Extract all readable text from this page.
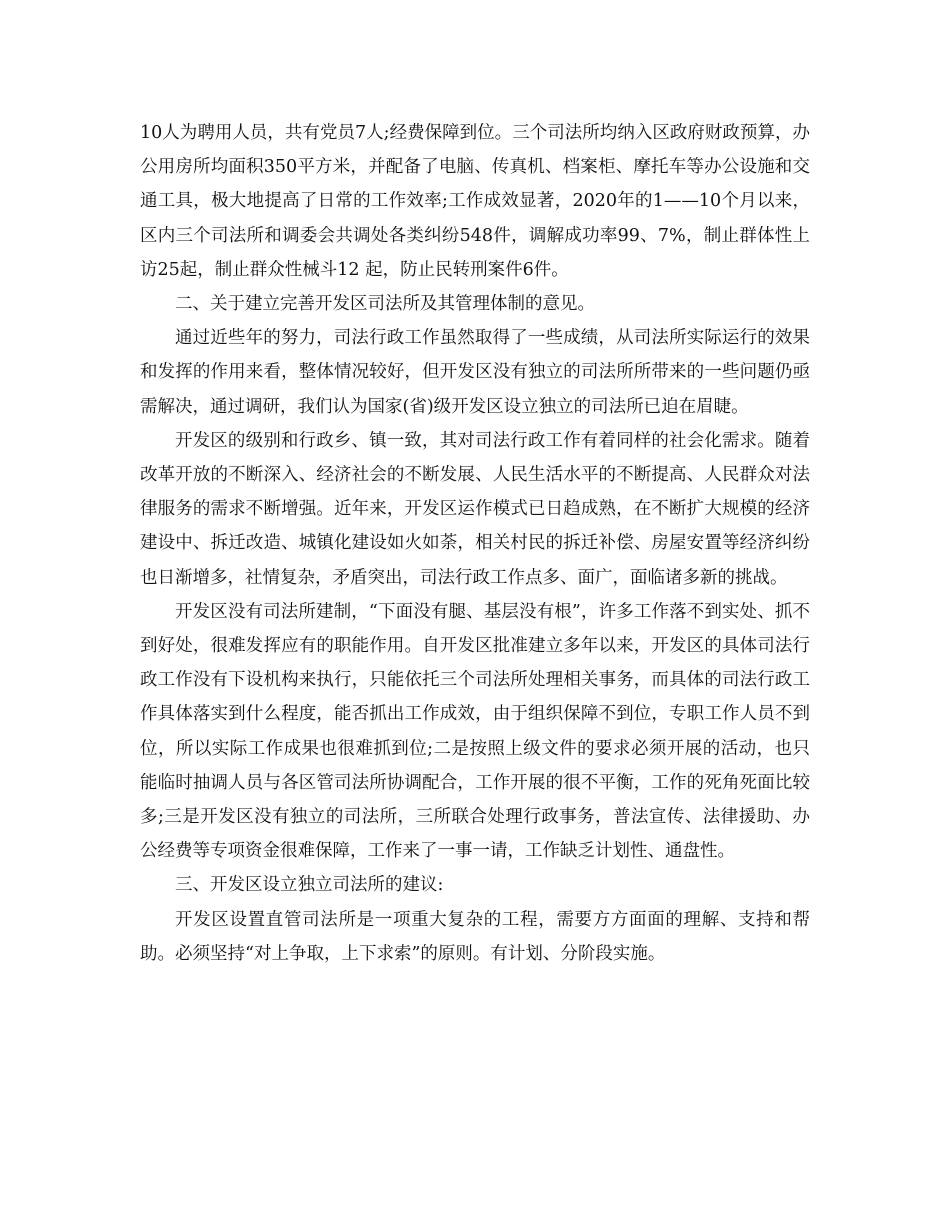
10人为聘用人员，共有党员7人;经费保障到位。三个司法所均纳入区政府财政预算，办公用房所均面积350平方米，并配备了电脑、传真机、档案柜、摩托车等办公设施和交通工具，极大地提高了日常的工作效率;工作成效显著，2020年的1——10个月以来，区内三个司法所和调委会共调处各类纠纷548件，调解成功率99、7%，制止群体性上访25起，制止群众性械斗12 起，防止民转刑案件6件。

二、关于建立完善开发区司法所及其管理体制的意见。

通过近些年的努力，司法行政工作虽然取得了一些成绩，从司法所实际运行的效果和发挥的作用来看，整体情况较好，但开发区没有独立的司法所所带来的一些问题仍亟需解决，通过调研，我们认为国家(省)级开发区设立独立的司法所已迫在眉睫。

开发区的级别和行政乡、镇一致，其对司法行政工作有着同样的社会化需求。随着改革开放的不断深入、经济社会的不断发展、人民生活水平的不断提高、人民群众对法律服务的需求不断增强。近年来，开发区运作模式已日趋成熟，在不断扩大规模的经济建设中、拆迁改造、城镇化建设如火如荼，相关村民的拆迁补偿、房屋安置等经济纠纷也日渐增多，社情复杂，矛盾突出，司法行政工作点多、面广，面临诸多新的挑战。

开发区没有司法所建制，“下面没有腿、基层没有根”，许多工作落不到实处、抓不到好处，很难发挥应有的职能作用。自开发区批准建立多年以来，开发区的具体司法行政工作没有下设机构来执行，只能依托三个司法所处理相关事务，而具体的司法行政工作具体落实到什么程度，能否抓出工作成效，由于组织保障不到位，专职工作人员不到位，所以实际工作成果也很难抓到位;二是按照上级文件的要求必须开展的活动，也只能临时抽调人员与各区管司法所协调配合，工作开展的很不平衡，工作的死角死面比较多;三是开发区没有独立的司法所，三所联合处理行政事务，普法宣传、法律援助、办公经费等专项资金很难保障，工作来了一事一请，工作缺乏计划性、通盘性。

三、开发区设立独立司法所的建议:

开发区设置直管司法所是一项重大复杂的工程，需要方方面面的理解、支持和帮助。必须坚持“对上争取，上下求索”的原则。有计划、分阶段实施。
